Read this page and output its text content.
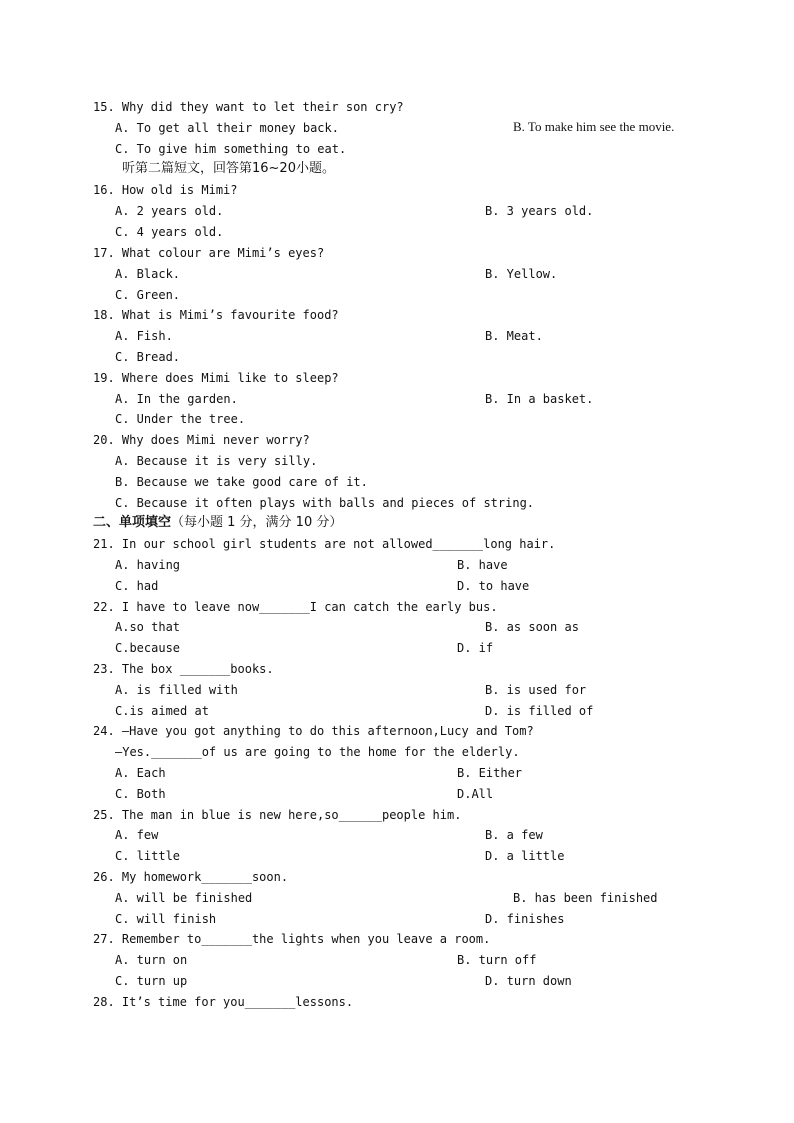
15. Why did they want to let their son cry?
A. To get all their money back.	B. To make him see the movie.
C. To give him something to eat.
听第二篇短文，回答第16~20小题。
16. How old is Mimi?
A. 2 years old.	B. 3 years old.
C. 4 years old.
17. What colour are Mimi’s eyes?
A. Black.	B. Yellow.
C. Green.
18. What is Mimi’s favourite food?
A. Fish.	B. Meat.
C. Bread.
19. Where does Mimi like to sleep?
A. In the garden.	B. In a basket.
C. Under the tree.
20. Why does Mimi never worry?
A. Because it is very silly.
B. Because we take good care of it.
C. Because it often plays with balls and pieces of string.
二、单项填空（每小题 1 分，满分 10 分）
21. In our school girl students are not allowed_______long hair.
A. having	B. have
C. had	D. to have
22. I have to leave now_______I can catch the early bus.
A.so that	B. as soon as
C.because	D. if
23. The box _______books.
A. is filled with	B. is used for
C.is aimed at	D. is filled of
24. —Have you got anything to do this afternoon,Lucy and Tom?
—Yes._______of us are going to the home for the elderly.
A. Each	B. Either
C. Both	D.All
25. The man in blue is new here,so______people him.
A. few	B. a few
C. little	D. a little
26. My homework_______soon.
A. will be finished	B. has been finished
C. will finish	D. finishes
27. Remember to_______the lights when you leave a room.
A. turn on	B. turn off
C. turn up	D. turn down
28. It’s time for you_______lessons.
